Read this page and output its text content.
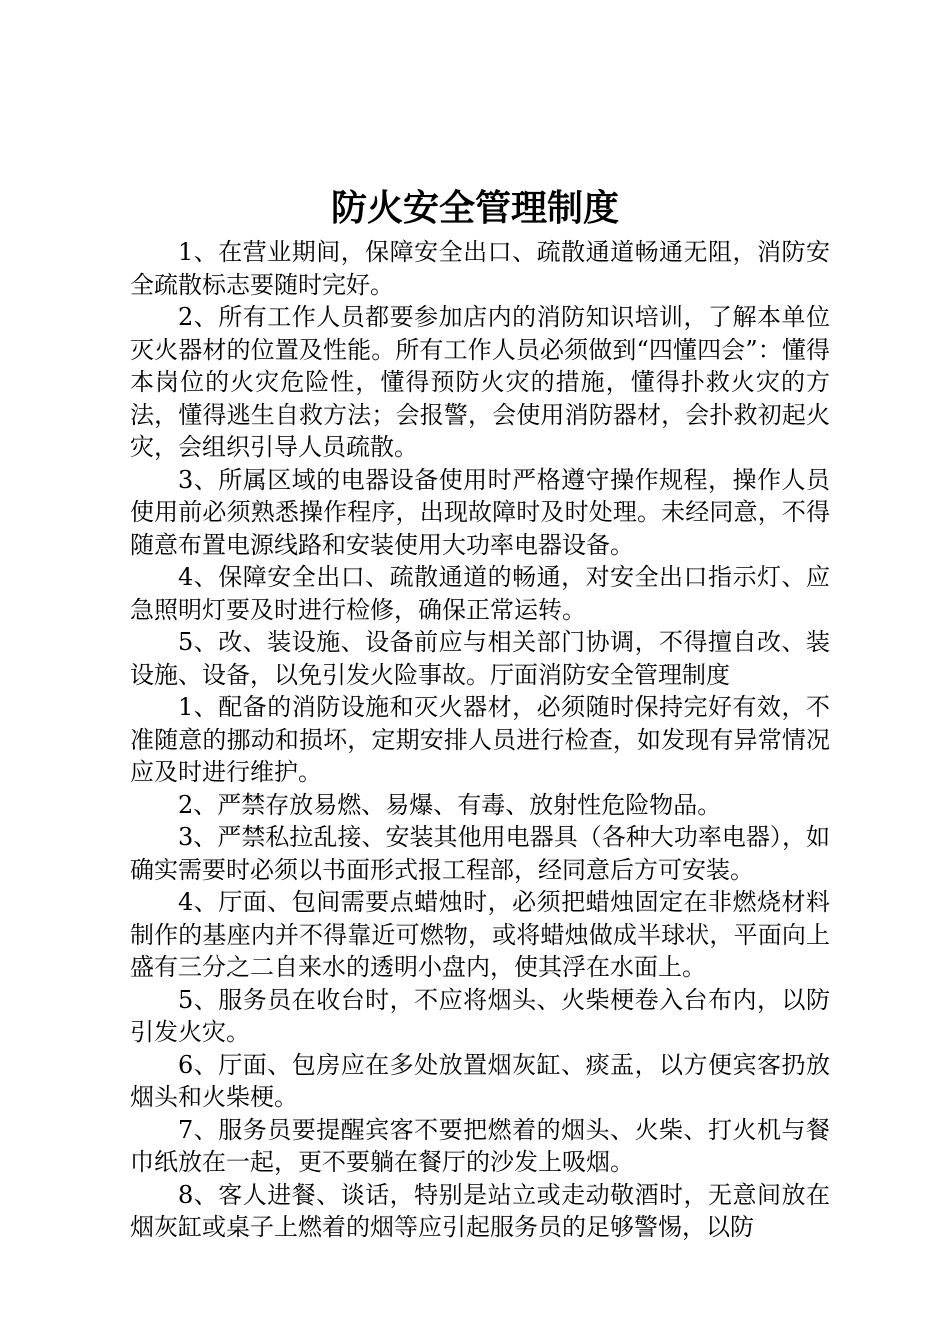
防火安全管理制度

1、在营业期间，保障安全出口、疏散通道畅通无阻，消防安全疏散标志要随时完好。

2、所有工作人员都要参加店内的消防知识培训，了解本单位灭火器材的位置及性能。所有工作人员必须做到“四懂四会”：懂得本岗位的火灾危险性，懂得预防火灾的措施，懂得扑救火灾的方法，懂得逃生自救方法；会报警，会使用消防器材，会扑救初起火灾，会组织引导人员疏散。

3、所属区域的电器设备使用时严格遵守操作规程，操作人员使用前必须熟悉操作程序，出现故障时及时处理。未经同意，不得随意布置电源线路和安装使用大功率电器设备。

4、保障安全出口、疏散通道的畅通，对安全出口指示灯、应急照明灯要及时进行检修，确保正常运转。

5、改、装设施、设备前应与相关部门协调，不得擅自改、装设施、设备，以免引发火险事故。厅面消防安全管理制度

1、配备的消防设施和灭火器材，必须随时保持完好有效，不准随意的挪动和损坏，定期安排人员进行检查，如发现有异常情况应及时进行维护。

2、严禁存放易燃、易爆、有毒、放射性危险物品。

3、严禁私拉乱接、安装其他用电器具（各种大功率电器），如确实需要时必须以书面形式报工程部，经同意后方可安装。

4、厅面、包间需要点蜡烛时，必须把蜡烛固定在非燃烧材料制作的基座内并不得靠近可燃物，或将蜡烛做成半球状，平面向上盛有三分之二自来水的透明小盘内，使其浮在水面上。

5、服务员在收台时，不应将烟头、火柴梗卷入台布内，以防引发火灾。

6、厅面、包房应在多处放置烟灰缸、痰盂，以方便宾客扔放烟头和火柴梗。

7、服务员要提醒宾客不要把燃着的烟头、火柴、打火机与餐巾纸放在一起，更不要躺在餐厅的沙发上吸烟。

8、客人进餐、谈话，特别是站立或走动敬酒时，无意间放在烟灰缸或桌子上燃着的烟等应引起服务员的足够警惕，以防
